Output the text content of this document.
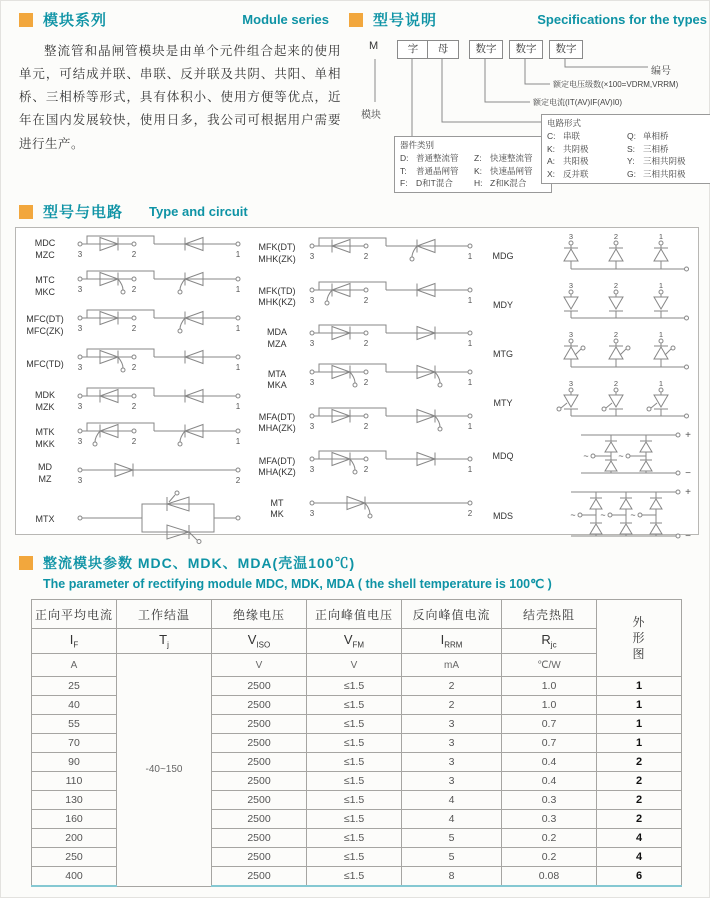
模块系列	Module series

整流管和晶闸管模块是由单个元件组合起来的使用单元，可结成并联、串联、反并联及共阴、共阳、单相桥、三相桥等形式，具有体积小、使用方便等优点，近年在国内发展较快，使用日多，我公司可根据用户需要进行生产。

型号说明	Specifications for the types
M	字	母	数字	数字	数字
模块
编号
额定电压级数(×100=VDRM,VRRM)
额定电流(IT(AV)IF(AV)I0)
器件类别
D: 普通整流管	Z: 快速整流管
T:	普通晶闸管	K: 快速晶闸管
F: D和T混合	H: Z和K混合
电路形式
C: 串联	Q: 单相桥
K: 共阴极	S: 三相桥
A: 共阳极	Y: 三相共阴极
X: 反并联	G: 三相共阳极
型号与电路 Type and circuit
MDC
MZC	3	2	1
MTC
MKC	3	2	1
MFC(DT)
MFC(ZK)	3	2	1
MFC(TD)	3	2	1
MDK
MZK	3	2	1
MTK
MKK	3	2	1
MD
MZ	3	2
MTX
MFK(DT)
MHK(ZK)	3	2	1
MFK(TD)
MHK(KZ)	3	2	1
MDA
MZA	3	2	1
MTA
MKA	3	2	1
MFA(DT)
MHA(ZK)	3	2	1
MFA(DT)
MHA(KZ)	3	2	1
MT
MK	3	2
MDG
3	2	1
MDY
3	2	1
MTG
3	2	1
MTY
3	2	1
MDQ
+
−
~	~
MDS
+
−
~	~	~
整流模块参数 MDC、MDK、MDA(壳温100℃)
The parameter of rectifying module MDC, MDK, MDA ( the shell temperature is 100℃ )
正向平均电流	工作结温	绝缘电压	正向峰值电压	反向峰值电流	结壳热阻	外
形
图
$I_F$	$T_j$	$V_{ISO}$	$V_{FM}$	$I_{RRM}$	$R_{jc}$
A	-40~150	V	V	mA	℃/W	
25		2500	≤1.5	2	1.0	1
40		2500	≤1.5	2	1.0	1
55		2500	≤1.5	3	0.7	1
70		2500	≤1.5	3	0.7	1
90		2500	≤1.5	3	0.4	2
110		2500	≤1.5	3	0.4	2
130		2500	≤1.5	4	0.3	2
160		2500	≤1.5	4	0.3	2
200		2500	≤1.5	5	0.2	4
250		2500	≤1.5	5	0.2	4
400		2500	≤1.5	8	0.08	6
